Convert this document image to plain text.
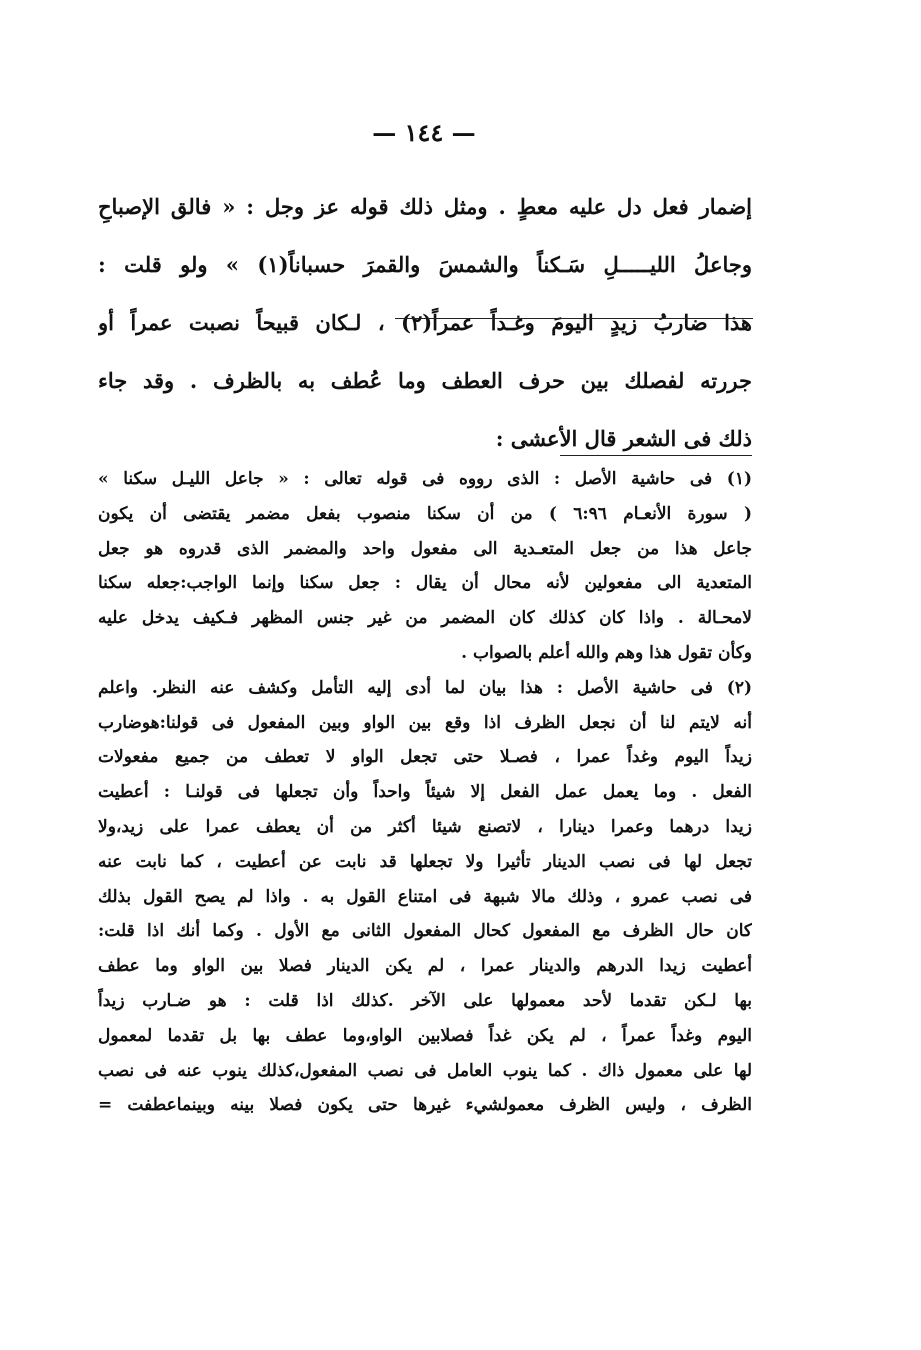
— ١٤٤ —
إضمار فعل دل عليه معطٍ . ومثل ذلك قوله عز وجل : « فالق الإصباحِ
وجاعلُ الليـــــلِ سَـكناً والشمسَ والقمرَ حسباناً(١) » ولو قلت :
هذا ضاربُ زيدٍ اليومَ وغـداً عمراً(٢) ، لـكان قبيحاً نصبت عمراً أو
جررته لفصلك بين حرف العطف وما عُطف به بالظرف . وقد جاء
ذلك فى الشعر قال الأعشى :
(١) فى حاشية الأصل : الذى رووه فى قوله تعالى : « جاعل الليـل سكنا »
( سورة الأنعـام ٦:٩٦ ) من أن سكنا منصوب بفعل مضمر يقتضى أن يكون
جاعل هذا من جعل المتعـدية الى مفعول واحد والمضمر الذى قدروه هو جعل
المتعدية الى مفعولين لأنه محال أن يقال : جعل سكنا وإنما الواجب:جعله سكنا
لامحـالة . واذا كان كذلك كان المضمر من غير جنس المظهر فـكيف يدخل عليه
وكأن تقول هذا وهم والله أعلم بالصواب .
(٢) فى حاشية الأصل : هذا بيان لما أدى إليه التأمل وكشف عنه النظر. واعلم
أنه لايتم لنا أن نجعل الظرف اذا وقع بين الواو وبين المفعول فى قولنا:هوضارب
زيداً اليوم وغداً عمرا ، فصـلا حتى تجعل الواو لا تعطف من جميع مفعولات
الفعل . وما يعمل عمل الفعل إلا شيئاً واحداً وأن تجعلها فى قولنـا : أعطيت
زيدا درهما وعمرا دينارا ، لاتصنع شيئا أكثر من أن يعطف عمرا على زيد،ولا
تجعل لها فى نصب الدينار تأثيرا ولا تجعلها قد نابت عن أعطيت ، كما نابت عنه
فى نصب عمرو ، وذلك مالا شبهة فى امتناع القول به . واذا لم يصح القول بذلك
كان حال الظرف مع المفعول كحال المفعول الثانى مع الأول . وكما أنك اذا قلت:
أعطيت زيدا الدرهم والدينار عمرا ، لم يكن الدينار فصلا بين الواو وما عطف
بها لـكن تقدما لأحد معمولها على الآخر .كذلك اذا قلت : هو ضـارب زيداً
اليوم وغداً عمراً ، لم يكن غداً فصلابين الواو،وما عطف بها بل تقدما لمعمول
لها على معمول ذاك . كما ينوب العامل فى نصب المفعول،كذلك ينوب عنه فى نصب
الظرف ، وليس الظرف معمولشيء غيرها حتى يكون فصلا بينه وبينماعطفت =
